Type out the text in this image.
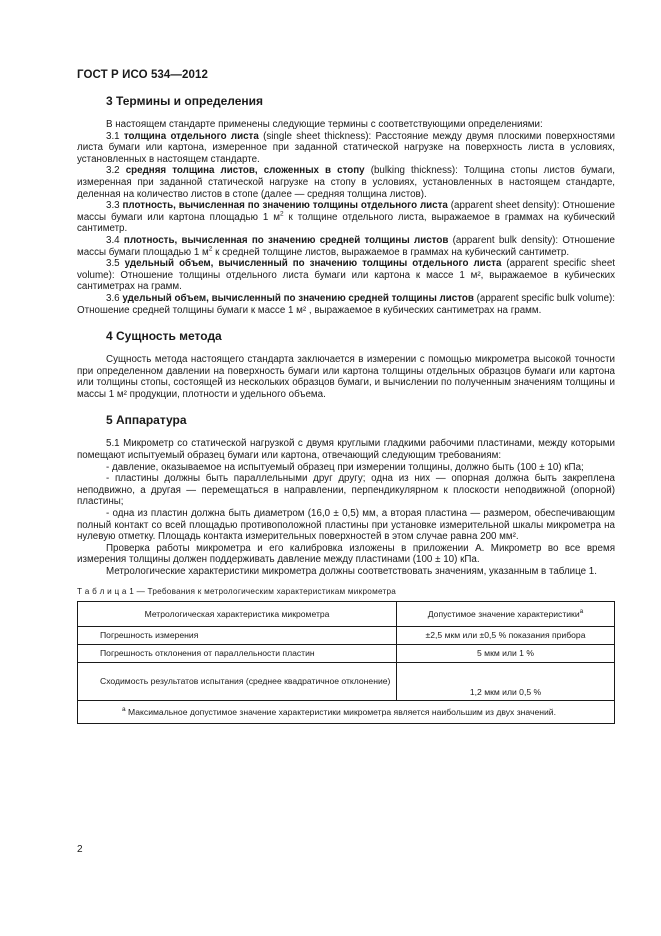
ГОСТ Р ИСО 534—2012
3 Термины и определения

В настоящем стандарте применены следующие термины с соответствующими определениями:

3.1 толщина отдельного листа (single sheet thickness): Расстояние между двумя плоскими поверхностями листа бумаги или картона, измеренное при заданной статической нагрузке на поверхность листа в условиях, установленных в настоящем стандарте.

3.2 средняя толщина листов, сложенных в стопу (bulking thickness): Толщина стопы листов бумаги, измеренная при заданной статической нагрузке на стопу в условиях, установленных в настоящем стандарте, деленная на количество листов в стопе (далее — средняя толщина листов).

3.3 плотность, вычисленная по значению толщины отдельного листа (apparent sheet density): Отношение массы бумаги или картона площадью 1 $м^2$ к толщине отдельного листа, выражаемое в граммах на кубический сантиметр.

3.4 плотность, вычисленная по значению средней толщины листов (apparent bulk density): Отношение массы бумаги площадью 1 $м^2$ к средней толщине листов, выражаемое в граммах на кубический сантиметр.

3.5 удельный объем, вычисленный по значению толщины отдельного листа (apparent specific sheet volume): Отношение толщины отдельного листа бумаги или картона к массе 1 м², выражаемое в кубических сантиметрах на грамм.

3.6 удельный объем, вычисленный по значению средней толщины листов (apparent specific bulk volume): Отношение средней толщины бумаги к массе 1 м² , выражаемое в кубических сантиметрах на грамм.

4 Сущность метода

Сущность метода настоящего стандарта заключается в измерении с помощью микрометра высокой точности при определенном давлении на поверхность бумаги или картона толщины отдельных образцов бумаги или картона или толщины стопы, состоящей из нескольких образцов бумаги, и вычислении по полученным значениям толщины и массы 1 м² продукции, плотности и удельного объема.

5 Аппаратура

5.1 Микрометр со статической нагрузкой с двумя круглыми гладкими рабочими пластинами, между которыми помещают испытуемый образец бумаги или картона, отвечающий следующим требованиям:

- давление, оказываемое на испытуемый образец при измерении толщины, должно быть (100 ± 10) кПа;

- пластины должны быть параллельными друг другу; одна из них — опорная должна быть закреплена неподвижно, а другая — перемещаться в направлении, перпендикулярном к плоскости неподвижной (опорной) пластины;

- одна из пластин должна быть диаметром (16,0 ± 0,5) мм, а вторая пластина — размером, обеспечивающим полный контакт со всей площадью противоположной пластины при установке измерительной шкалы микрометра на нулевую отметку. Площадь контакта измерительных поверхностей в этом случае равна 200 мм².

Проверка работы микрометра и его калибровка изложены в приложении А. Микрометр во все время измерения толщины должен поддерживать давление между пластинами (100 ± 10) кПа.

Метрологические характеристики микрометра должны соответствовать значениям, указанным в таблице 1.

Т а б л и ц а 1 — Требования к метрологическим характеристикам микрометра
Метрологическая характеристика микрометра	Допустимое значение характеристики$^a$
Погрешность измерения	±2,5 мкм или ±0,5 % показания прибора
Погрешность отклонения от параллельности пластин	5 мкм или 1 %
Сходимость результатов испытания (среднее квадратичное отклонение)	1,2 мкм или 0,5 %
$^a$ Максимальное допустимое значение характеристики микрометра является наибольшим из двух значений.	
2
